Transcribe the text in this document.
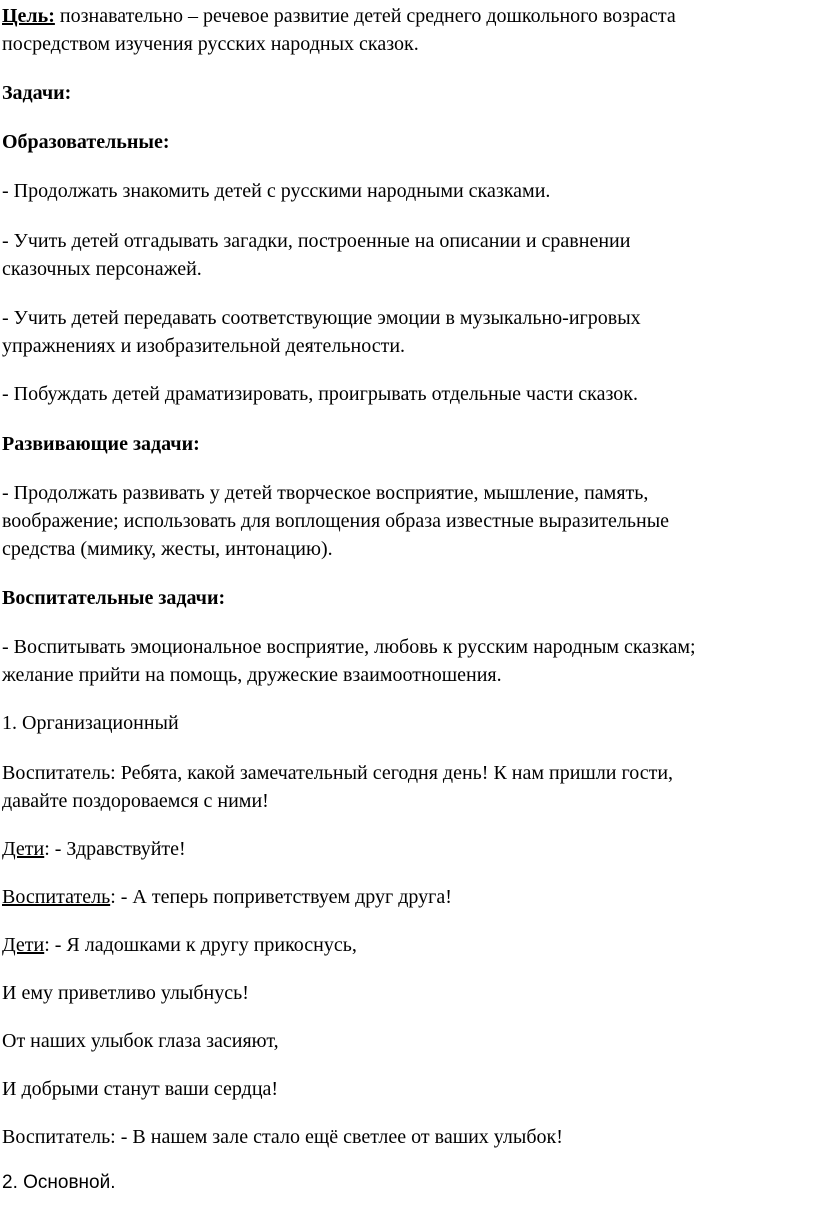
Цель: познавательно – речевое развитие детей среднего дошкольного возраста
посредством изучения русских народных сказок.
Задачи:
Образовательные:
- Продолжать знакомить детей с русскими народными сказками.
- Учить детей отгадывать загадки, построенные на описании и сравнении
сказочных персонажей.
- Учить детей передавать соответствующие эмоции в музыкально-игровых
упражнениях и изобразительной деятельности.
- Побуждать детей драматизировать, проигрывать отдельные части сказок.
Развивающие задачи:
- Продолжать развивать у детей творческое восприятие, мышление, память,
воображение; использовать для воплощения образа известные выразительные
средства (мимику, жесты, интонацию).
Воспитательные задачи:
- Воспитывать эмоциональное восприятие, любовь к русским народным сказкам;
желание прийти на помощь, дружеские взаимоотношения.
1. Организационный
Воспитатель: Ребята, какой замечательный сегодня день! К нам пришли гости,
давайте поздороваемся с ними!
Дети: - Здравствуйте!
Воспитатель: - А теперь поприветствуем друг друга!
Дети: - Я ладошками к другу прикоснусь,
И ему приветливо улыбнусь!
От наших улыбок глаза засияют,
И добрыми станут ваши сердца!
Воспитатель: - В нашем зале стало ещё светлее от ваших улыбок!
2. Основной.
